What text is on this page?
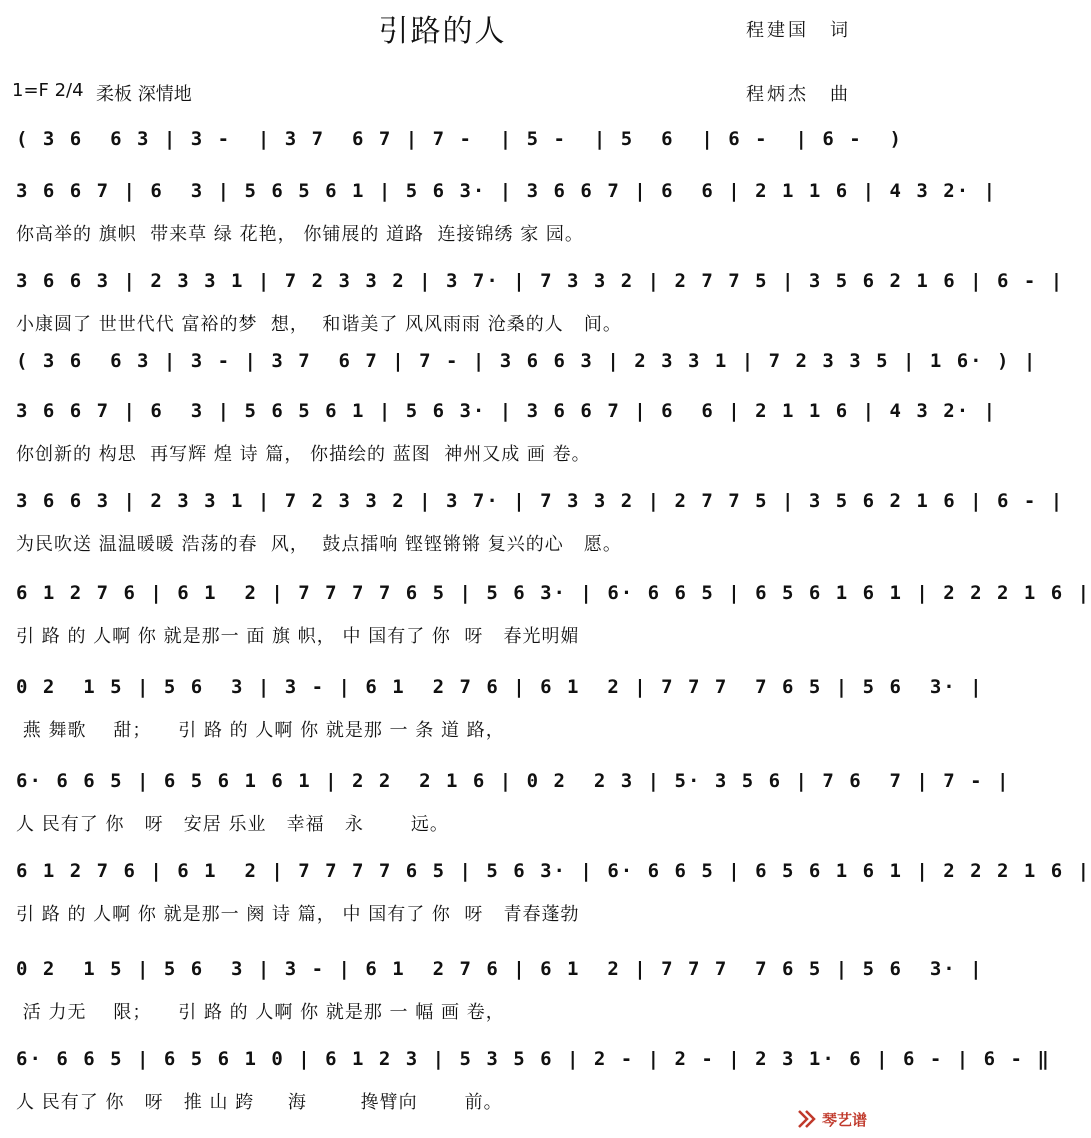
引路的人	程建国　词
程炳杰　曲
1=F 2/4 柔板 深情地
( 3 6  6 3 | 3 -  | 3 7  6 7 | 7 -  | 5 -  | 5  6  | 6 -  | 6 -  )
3 6 6 7 | 6  3 | 5 6 5 6 1 | 5 6 3· | 3 6 6 7 | 6  6 | 2 1 1 6 | 4 3 2· |
你高举的 旗帜  带来草 绿 花艳， 你铺展的 道路  连接锦绣 家 园。
3 6 6 3 | 2 3 3 1 | 7 2 3 3 2 | 3 7· | 7 3 3 2 | 2 7 7 5 | 3 5 6 2 1 6 | 6 - |
小康圆了 世世代代 富裕的梦  想，  和谐美了 风风雨雨 沧桑的人   间。
( 3 6  6 3 | 3 - | 3 7  6 7 | 7 - | 3 6 6 3 | 2 3 3 1 | 7 2 3 3 5 | 1 6· ) |
3 6 6 7 | 6  3 | 5 6 5 6 1 | 5 6 3· | 3 6 6 7 | 6  6 | 2 1 1 6 | 4 3 2· |
你创新的 构思  再写辉 煌 诗 篇， 你描绘的 蓝图  神州又成 画 卷。
3 6 6 3 | 2 3 3 1 | 7 2 3 3 2 | 3 7· | 7 3 3 2 | 2 7 7 5 | 3 5 6 2 1 6 | 6 - |
为民吹送 温温暖暖 浩荡的春  风，  鼓点擂响 铿铿锵锵 复兴的心   愿。
6 1 2 7 6 | 6 1  2 | 7 7 7 7 6 5 | 5 6 3· | 6· 6 6 5 | 6 5 6 1 6 1 | 2 2 2 1 6 |
引 路 的 人啊 你 就是那一 面 旗 帜， 中 国有了 你  呀   春光明媚
0 2  1 5 | 5 6  3 | 3 - | 6 1  2 7 6 | 6 1  2 | 7 7 7  7 6 5 | 5 6  3· |
燕 舞歌    甜；    引 路 的 人啊 你 就是那 一 条 道 路，
6· 6 6 5 | 6 5 6 1 6 1 | 2 2  2 1 6 | 0 2  2 3 | 5· 3 5 6 | 7 6  7 | 7 - |
人 民有了 你   呀   安居 乐业   幸福   永       远。
6 1 2 7 6 | 6 1  2 | 7 7 7 7 6 5 | 5 6 3· | 6· 6 6 5 | 6 5 6 1 6 1 | 2 2 2 1 6 |
引 路 的 人啊 你 就是那一 阕 诗 篇， 中 国有了 你  呀   青春蓬勃
0 2  1 5 | 5 6  3 | 3 - | 6 1  2 7 6 | 6 1  2 | 7 7 7  7 6 5 | 5 6  3· |
活 力无    限；    引 路 的 人啊 你 就是那 一 幅 画 卷，
6· 6 6 5 | 6 5 6 1 0 | 6 1 2 3 | 5 3 5 6 | 2 - | 2 - | 2 3 1· 6 | 6 - | 6 - ‖
人 民有了 你   呀   推 山 跨     海        搀臂向       前。
琴艺谱
